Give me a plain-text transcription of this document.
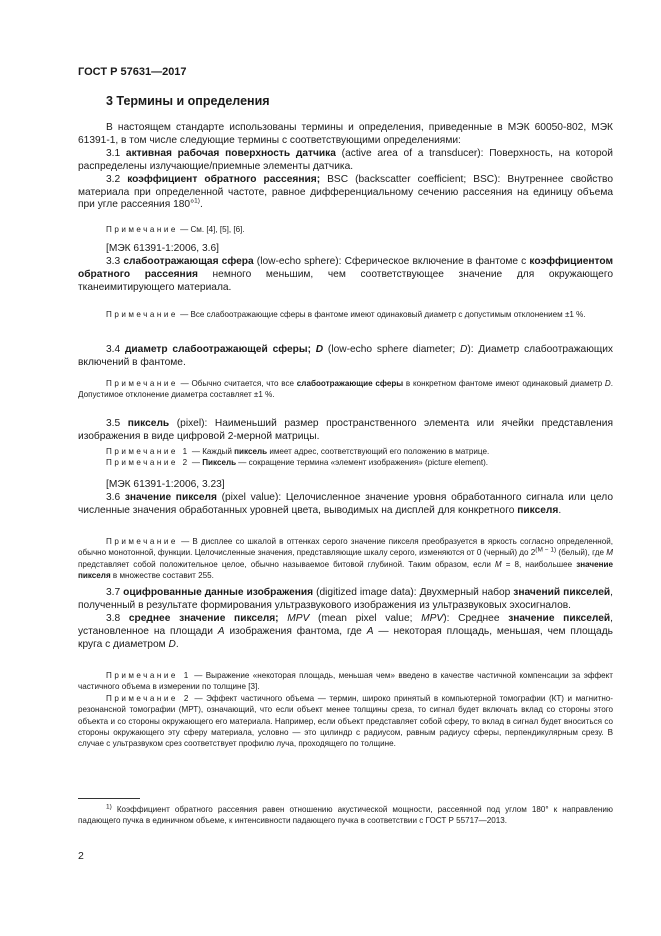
ГОСТ Р 57631—2017
3 Термины и определения

В настоящем стандарте использованы термины и определения, приведенные в МЭК 60050-802, МЭК 61391-1, в том числе следующие термины с соответствующими определениями:

3.1 активная рабочая поверхность датчика (active area of a transducer): Поверхность, на которой распределены излучающие/приемные элементы датчика.

3.2 коэффициент обратного рассеяния; BSC (backscatter coefficient; BSC): Внутреннее свойство материала при определенной частоте, равное дифференциальному сечению рассеяния на единицу объема при угле рассеяния 180°$^{1)}$.

Примечание — См. [4], [5], [6].

[МЭК 61391-1:2006, 3.6]

3.3 слабоотражающая сфера (low-echo sphere): Сферическое включение в фантоме с коэффициентом обратного рассеяния немного меньшим, чем соответствующее значение для окружающего тканеимитирующего материала.

Примечание — Все слабоотражающие сферы в фантоме имеют одинаковый диаметр с допустимым отклонением ±1 %.

3.4 диаметр слабоотражающей сферы; D (low-echo sphere diameter; D): Диаметр слабоотражающих включений в фантоме.

Примечание — Обычно считается, что все слабоотражающие сферы в конкретном фантоме имеют одинаковый диаметр D. Допустимое отклонение диаметра составляет ±1 %.

3.5 пиксель (pixel): Наименьший размер пространственного элемента или ячейки представления изображения в виде цифровой 2-мерной матрицы.

Примечание 1 — Каждый пиксель имеет адрес, соответствующий его положению в матрице.

Примечание 2 — Пиксель — сокращение термина «элемент изображения» (picture element).

[МЭК 61391-1:2006, 3.23]

3.6 значение пикселя (pixel value): Целочисленное значение уровня обработанного сигнала или цело численные значения обработанных уровней цвета, выводимых на дисплей для конкретного пикселя.

Примечание — В дисплее со шкалой в оттенках серого значение пикселя преобразуется в яркость согласно определенной, обычно монотонной, функции. Целочисленные значения, представляющие шкалу серого, изменяются от 0 (черный) до $2^{(M - 1)}$ (белый), где M представляет собой положительное целое, обычно называемое битовой глубиной. Таким образом, если M = 8, наибольшее значение пикселя в множестве составит 255.

3.7 оцифрованные данные изображения (digitized image data): Двухмерный набор значений пикселей, полученный в результате формирования ультразвукового изображения из ультразвуковых эхосигналов.

3.8 среднее значение пикселя; MPV (mean pixel value; MPV): Среднее значение пикселей, установленное на площади A изображения фантома, где A — некоторая площадь, меньшая, чем площадь круга с диаметром D.

Примечание 1 — Выражение «некоторая площадь, меньшая чем» введено в качестве частичной компенсации за эффект частичного объема в измерении по толщине [3].

Примечание 2 — Эффект частичного объема — термин, широко принятый в компьютерной томографии (КТ) и магнитно-резонансной томографии (МРТ), означающий, что если объект менее толщины среза, то сигнал будет включать вклад со стороны этого объекта и со стороны окружающего его материала. Например, если объект представляет собой сферу, то вклад в сигнал будет вноситься со стороны окружающего эту сферу материала, условно — это цилиндр с радиусом, равным радиусу сферы, перпендикулярным срезу. В случае с ультразвуком срез соответствует профилю луча, проходящего по толщине.

$^{1)}$ Коэффициент обратного рассеяния равен отношению акустической мощности, рассеянной под углом 180° к направлению падающего пучка в единичном объеме, к интенсивности падающего пучка в соответствии с ГОСТ Р 55717—2013.
2
